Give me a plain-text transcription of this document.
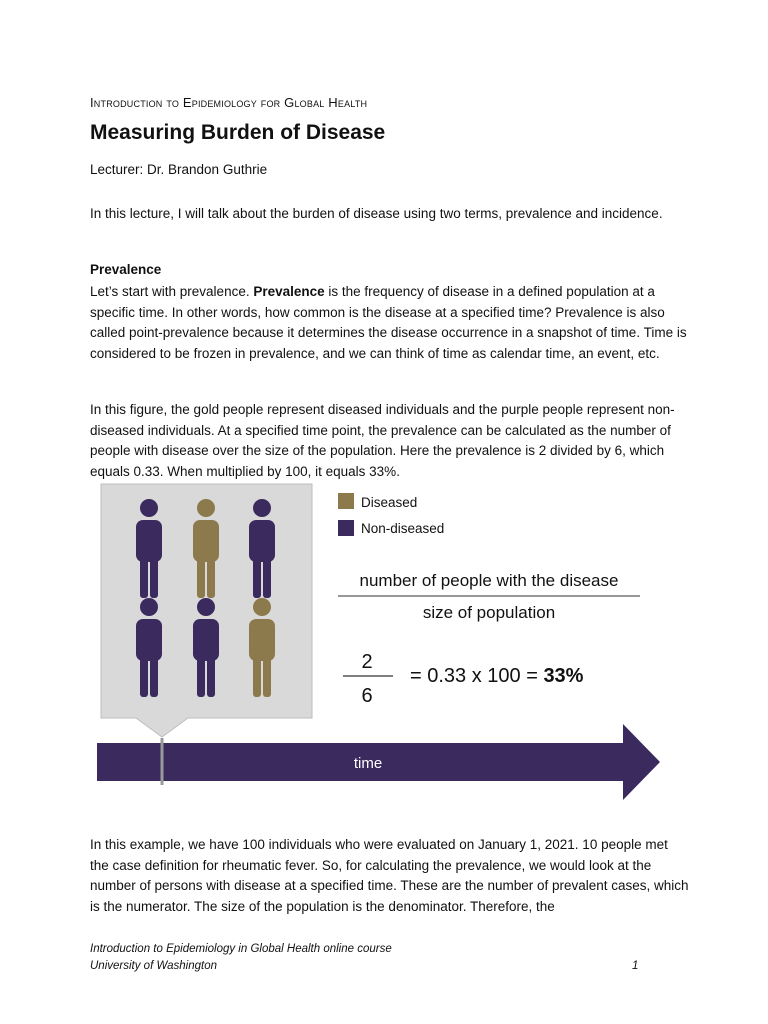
Introduction to Epidemiology for Global Health
Measuring Burden of Disease
Lecturer: Dr. Brandon Guthrie

In this lecture, I will talk about the burden of disease using two terms, prevalence and incidence.

Prevalence

Let’s start with prevalence. Prevalence is the frequency of disease in a defined population at a specific time. In other words, how common is the disease at a specified time? Prevalence is also called point-prevalence because it determines the disease occurrence in a snapshot of time. Time is considered to be frozen in prevalence, and we can think of time as calendar time, an event, etc.

In this figure, the gold people represent diseased individuals and the purple people represent non-diseased individuals. At a specified time point, the prevalence can be calculated as the number of people with disease over the size of the population. Here the prevalence is 2 divided by 6, which equals 0.33. When multiplied by 100, it equals 33%.

Diseased
Non-diseased
number of people with the disease
size of population
2
6
= 0.33 x 100 = 33%
time

In this example, we have 100 individuals who were evaluated on January 1, 2021. 10 people met the case definition for rheumatic fever. So, for calculating the prevalence, we would look at the number of persons with disease at a specified time. These are the number of prevalent cases, which is the numerator. The size of the population is the denominator. Therefore, the

Introduction to Epidemiology in Global Health online course
University of Washington	1
